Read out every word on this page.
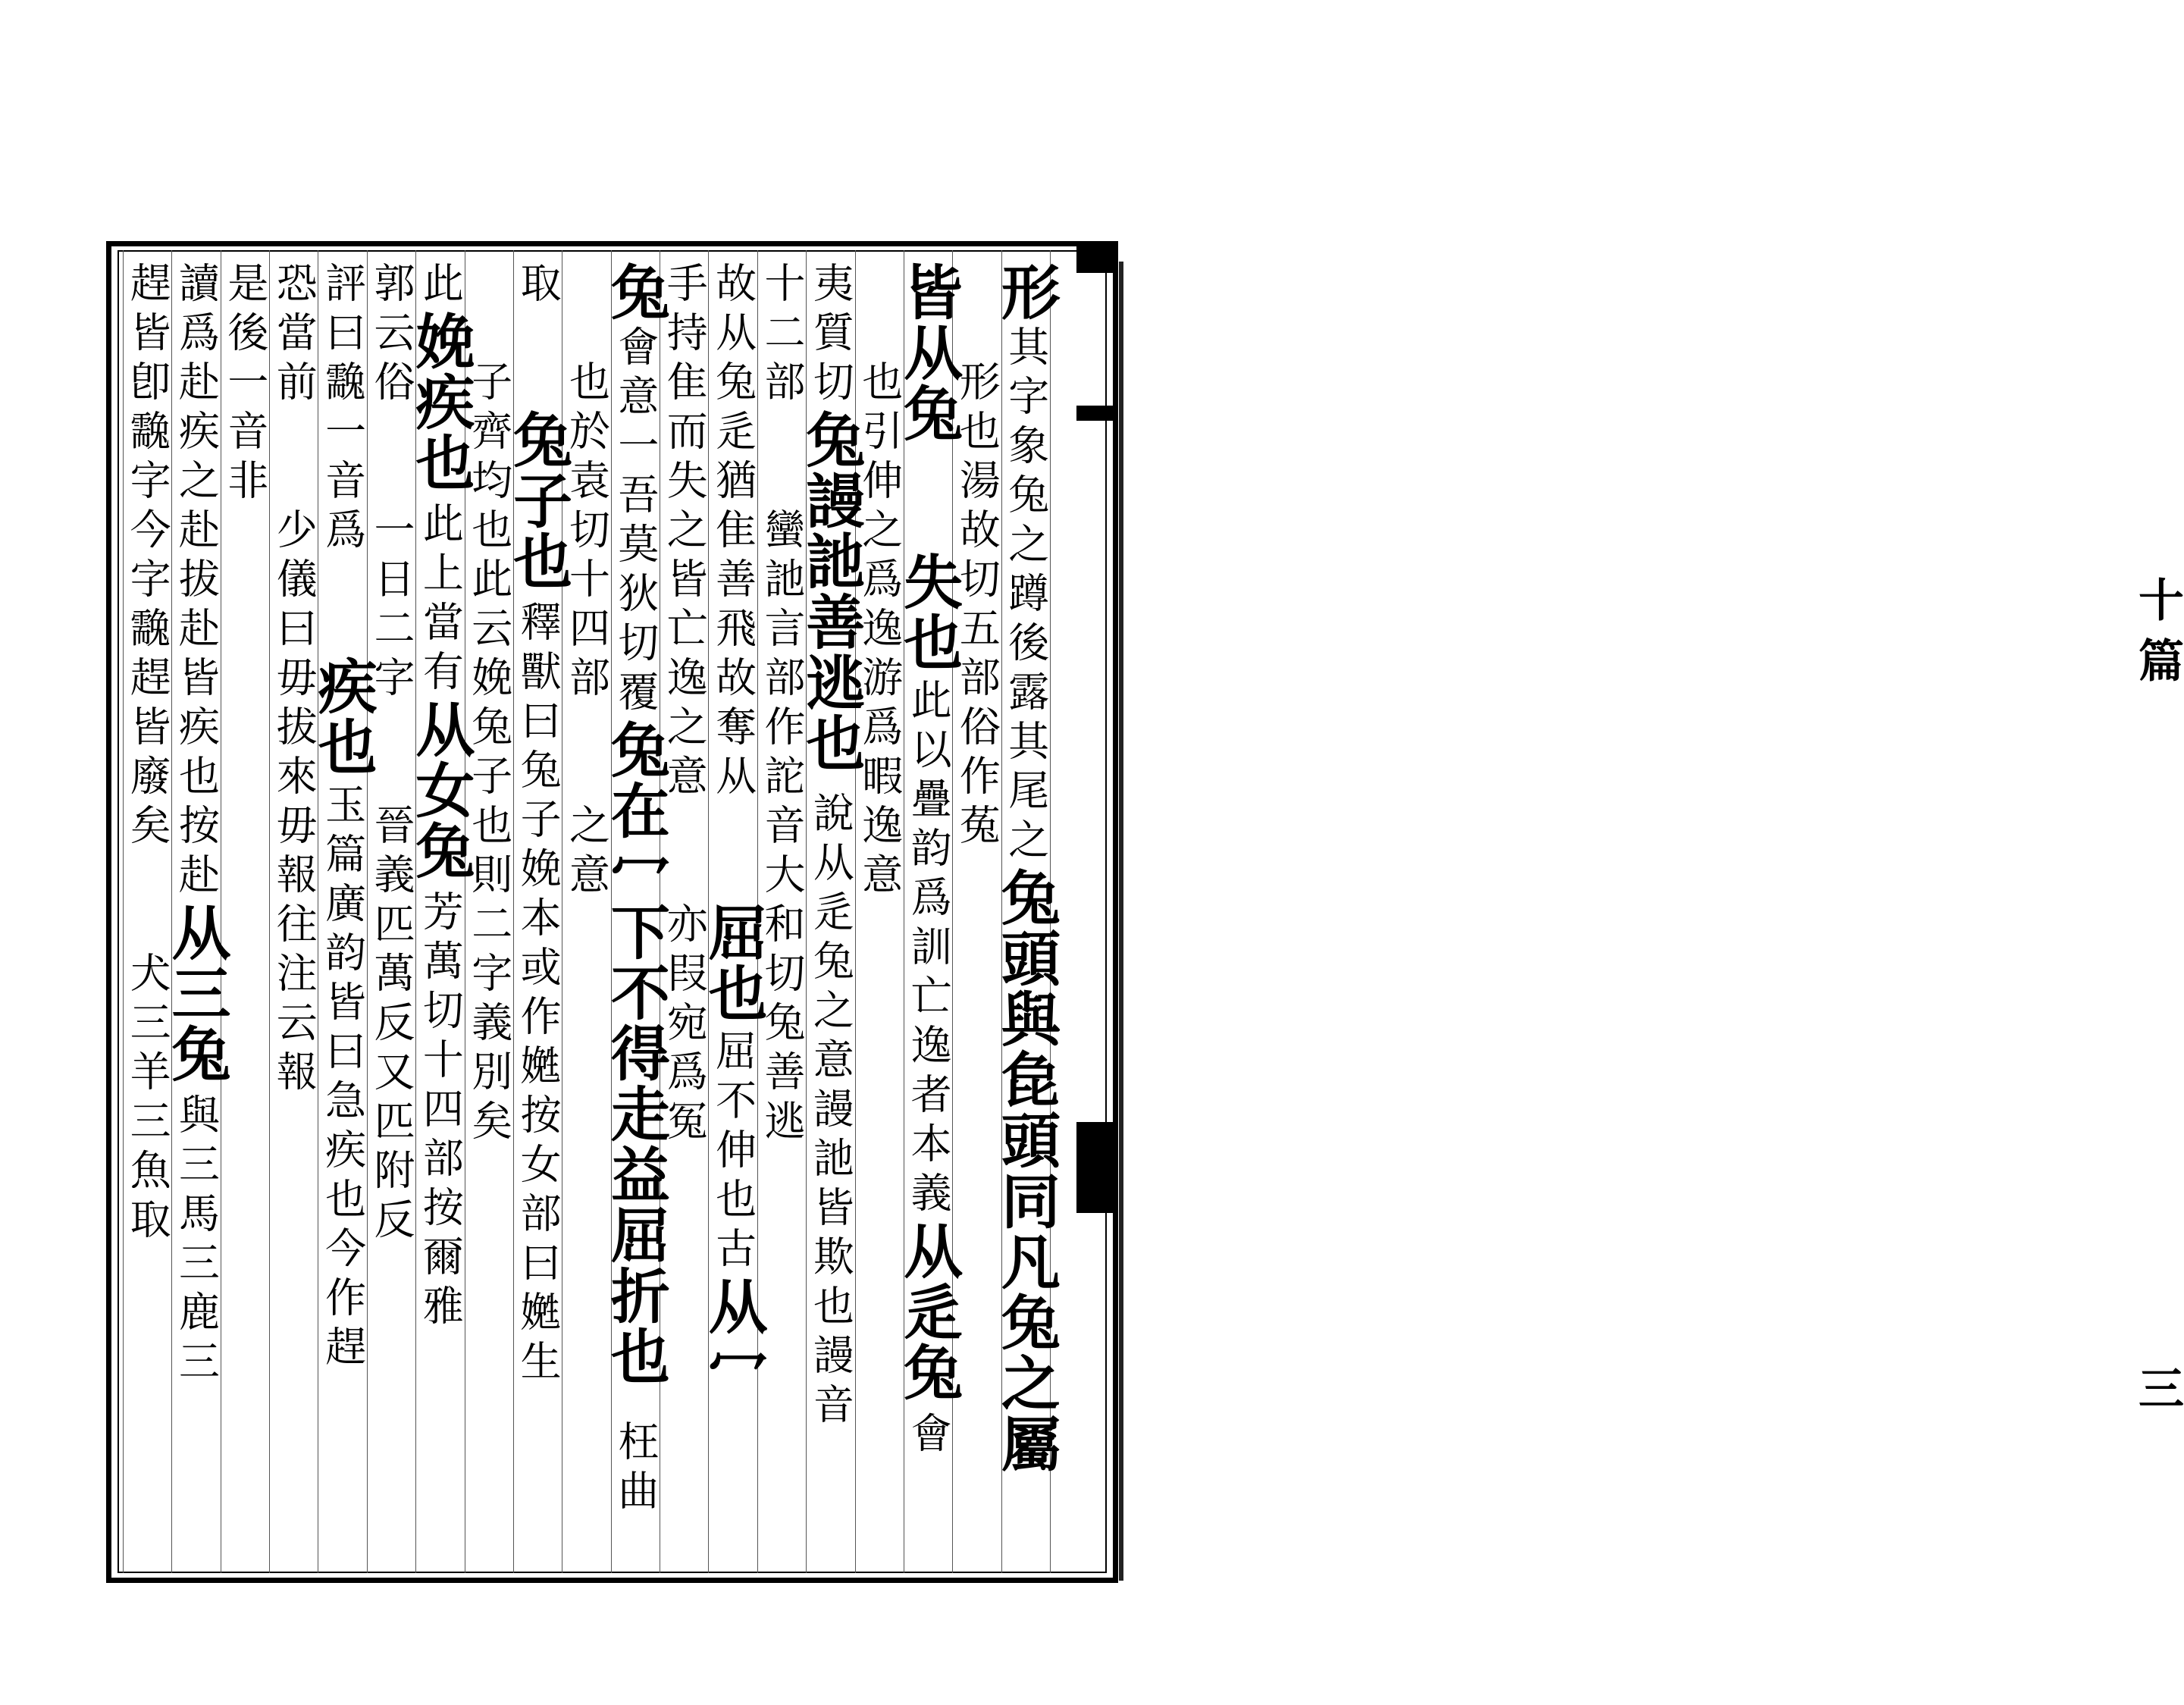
十
篇
三
形
其字象兔之蹲後露其尾之
兔頭與㲋頭同凡兔之屬
形也湯故切五部俗作菟
皆从兔
失也
此以疊韵爲訓亡逸者本義
从辵兔
會
也引伸之爲逸游爲暇逸
意
夷質切
兔謾訑善逃也
說从辵兔之意謾訑皆欺也謾音
十二部
蠻訑言部作詑音大和切兔善逃
故从兔辵猶隹善飛故奪从
屈也
屈不伸也古
从冖
手持隹而失之皆亡逸之意
亦叚宛爲冤
兔
會意一吾莫狄切
覆
兔在冖下不得走益屈折也
枉曲
也於袁切十四部
之意
取
兔子也
釋獸曰兔子娩本或作嬎按女部曰嬎生
子齊均也此云娩兔子也則二字義別矣
此
娩疾也
此上當有
从女兔
芳萬切十四部按爾雅
郭云俗
一日二字
晉義匹萬反又匹附反
評曰䨲一音爲
疾也
玉篇廣韵皆曰急疾也今作趕
恐當前
少儀曰毋拔來毋報往注云報
是後一音非
讀爲赴疾之赴拔赴皆疾也按赴
从三兔
與三馬三鹿三
趕皆卽䨲字今字䨲趕皆廢矣
犬三羊三魚取
